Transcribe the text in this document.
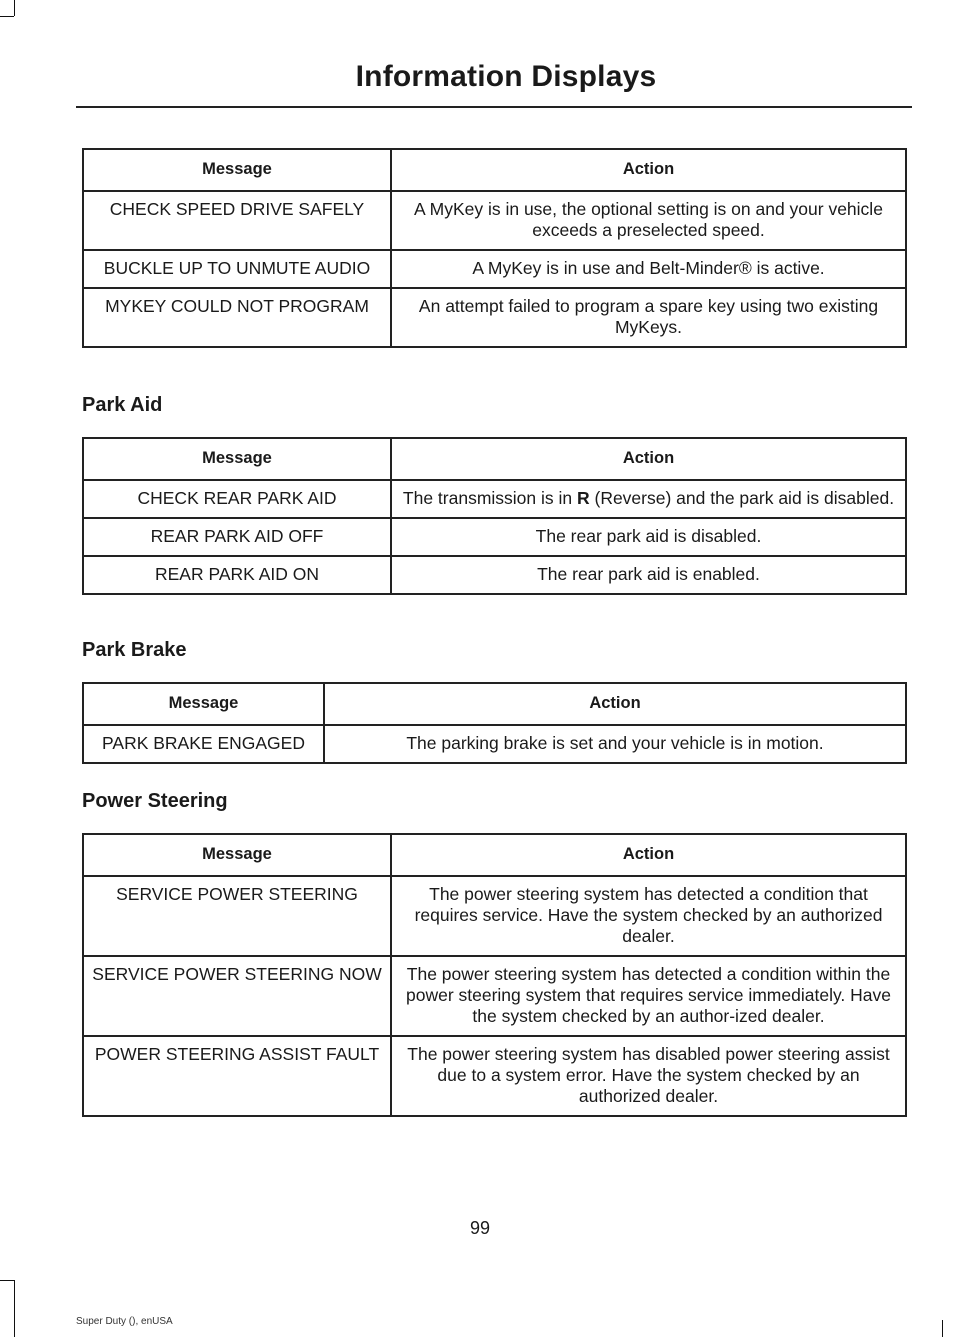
Information Displays
Message	Action
CHECK SPEED DRIVE SAFELY	A MyKey is in use, the optional setting is on and your vehicle exceeds a preselected speed.
BUCKLE UP TO UNMUTE AUDIO	A MyKey is in use and Belt-Minder® is active.
MYKEY COULD NOT PROGRAM	An attempt failed to program a spare key using two existing MyKeys.
Park Aid
Message	Action
CHECK REAR PARK AID	The transmission is in R (Reverse) and the park aid is disabled.
REAR PARK AID OFF	The rear park aid is disabled.
REAR PARK AID ON	The rear park aid is enabled.
Park Brake
Message	Action
PARK BRAKE ENGAGED	The parking brake is set and your vehicle is in motion.
Power Steering
Message	Action
SERVICE POWER STEERING	The power steering system has detected a condition that requires service. Have the system checked by an authorized dealer.
SERVICE POWER STEERING NOW	The power steering system has detected a condition within the power steering system that requires service immediately. Have the system checked by an author-ized dealer.
POWER STEERING ASSIST FAULT	The power steering system has disabled power steering assist due to a system error. Have the system checked by an authorized dealer.
99
Super Duty (), enUSA
